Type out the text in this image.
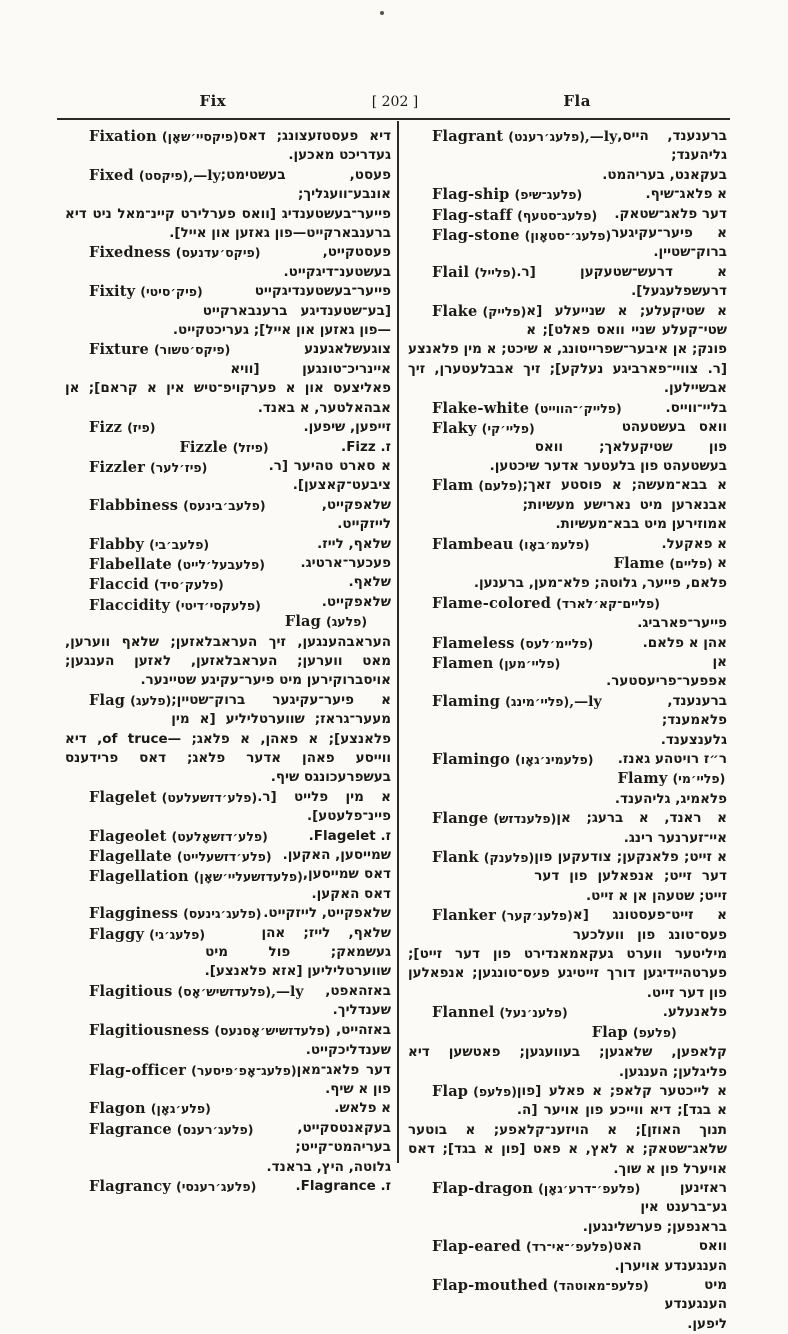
Fix	[ 202 ]	Fla

Fixation (פיקסיי׳שאָן) דיא פעסטזעצונג; דאס געדריכט מאכען.

Fixed (פיקסט),—ly פעסט, בעשטימט; אונבע־וועגליך; פייער־בעשטענדיג [וואס פערלירט קיינ־מאל ניט דיא ברענבארקייט—פון גאזען און אייל].

Fixedness (פיקס׳עדנעס)	פעסטקייט, בעשטענ־דיגקייט.

Fixity (פיק׳סיטי)	פייער־בעשטענדיגקייט [בע־שטענדיגע ברענבארקייט—פון גאזען און אייל]; געריכטקייט.

Fixture (פיקס׳טשור)	צוגעשלאגענע איינריכ־טונגען [וויא פאליצעס און א פערקויפ־טיש אין א קראם]; אן אבהאלטער, א באנד.

Fizz (פיז)	זייפען, שיפען.

Fizzle (פיזל)	ז. Fizz.

Fizzler (פיז׳לער)	א סארט טהיער [ר. ציבעט־קאצען].

Flabbiness (פלעב׳בינעס)	שלאפקייט, לייזקייט.

Flabby (פלעב׳בי)	שלאף, לייז.

Flabellate (פלעבעל׳לייט)	פעכער־ארטיג.

Flaccid (פלעק׳סיד)	שלאף.

Flaccidity (פלעקסי׳דיטי)	שלאפקייט.

Flag (פלעג)
העראבהענגען, זיך העראבלאזען; שלאף ווערען, מאט ווערען; העראבלאזען, לאזען הענגען; אויסברוקירען מיט פיער־עקיגע שטיינער.

Flag (פלעג) א פיער־עקיגער ברוק־שטיין; מעער־גראז; שווערטליליע [א מין פלאנצע]; א פאהן, א פלאג; —of truce, דיא ווייסע פאהן אדער פלאג; דאס פרידענס בעשפרעכונגס שיף.

Flagelet (פלע׳דזשעלעט) א מין פלייט [ר. פיינ־פלעטע].

Flageolet (פלע׳דזשאָלעט)	ז. Flagelet.

Flagellate (פלע׳דזשעלייט) שמייסען, האקען.

Flagellation (פלעדזשעליי׳שאָן) דאס שמייסען, דאס האקען.

Flagginess (פלעג׳גינעס) שלאפקייט, לייזקייט.

Flaggy (פלעג׳גי)	שלאף, לייז; אהן געשמאק; פול מיט שווערטליליען [אזא פלאנצע].

Flagitious (פלעדזשיש׳אָס),—ly באזהאפט, שענדליך.

Flagitiousness (פלעדזשיש׳אָסנעס) באזהייט, שענדליכקייט.

Flag-officer (פלעג־אָפ׳פיסער) דער פלאג־מאן פון א שיף.

Flagon (פלע׳גאָן)	א פלאש.

Flagrance (פלעג׳רענס)	בעקאנטסקייט, בעריהמט־קייט; גלוטה, היץ, בראנד.

Flagrancy (פלעג׳רענסי)	ז. Flagrance.

Flagrant (פלעג׳רענט),—ly ברענענד, הייס, גליהענד; בעקאנט, בעריהמט.

Flag-ship (פלעג־שיפ)	א פלאג־שיף.

Flag-staff (פלעג־סטעף) דער פלאג־שטאק.

Flag-stone (פלעג׳־סטאָון) א פיער־עקיגער ברוק־שטיין.

Flail (פלייל) א דרעש־שטעקען [ר. דרעשפלעגעל].

Flake (פלייק) א שטיקעלע; א שנייעלע [א שטי־קעלע שניי וואס פאלט]; א פונק; אן איבער־שפרייטונג, א שיכט; א מין פלאנצע [ר. צוויי־פארביגע נעלקע]; זיך אבבלעטערן, זיך אבשיילען.

Flake-white (פלייק׳־הווייט)	בליי־ווייס.

Flaky (פליי׳קי)	וואס בעשטעהט פון שטיקעלאך; וואס בעשטעהט פון בלעטער אדער שיכטען.

Flam (פלעם) א בבא־מעשה; א פוסטע זאך; אבנארען מיט נארישע מעשיות; אמוזירען מיט בבא־מעשיות.

Flambeau (פלעמ׳באָו)	א פאקעל.

Flame (פליים) א פלאם, פייער, גלוטה; פלא־מען, ברענען.

Flame-colored (פליים־קא׳לארד)
פייער־פארביג.

Flameless (פליימ׳לעס)	אהן א פלאם.

Flamen (פליי׳מען)	אן אפפער־פריעסטער.

Flaming (פליי׳מינג),—ly	ברענענד, פלאמענד; גלענצענד.

Flamingo (פלעמינ׳גאָו) ר״ז רויטהע גאנז.

Flamy (פליי׳מי)
פלאמיג, גליהענד.

Flange (פלענדזש) א ראנד, א ברעג; אן איי־זערנער רינג.

Flank (פלענק) א זייט; פלאנקען; צודעקען פון דער זייט; אנפאלען פון דער זייט; שטעהן אן א זייט.

Flanker (פלענ׳קער) א זייט־פעסטונג [א פעס־טונג פון וועלכער מיליטער ווערט געקאמאנדירט פון דער זייט]; פערטהיידיגען דורך זייטיגע פעס־טונגען; אנפאלען פון דער זייט.

Flannel (פלענ׳נעל)	פלאנעלע.

Flap (פלעפ)
קלאפען, שלאגען; בעוועגען; פאטשען דיא פליגלען; הענגען.

Flap (פלעפ) א לייכטער קלאפ; א פאלע [פון א בגד]; דיא ווייכע פון אויער [ה. תנוך האוזן]; א הויזענ־קלאפע; א בוטער שלאג־שטאק; א לאץ, א פאט [פון א בגד]; דאס אויערל פון א שוך.

Flap-dragon (פלעפ׳־דרע׳גאָן)	ראזינען גע־ברענט אין בראנפען; פערשלינגען.

Flap-eared (פלעפ׳־אי־רד) וואס האט הענגענדע אויערן.

Flap-mouthed (פלעפ־מאוטהד)	מיט הענגענדע ליפען.
